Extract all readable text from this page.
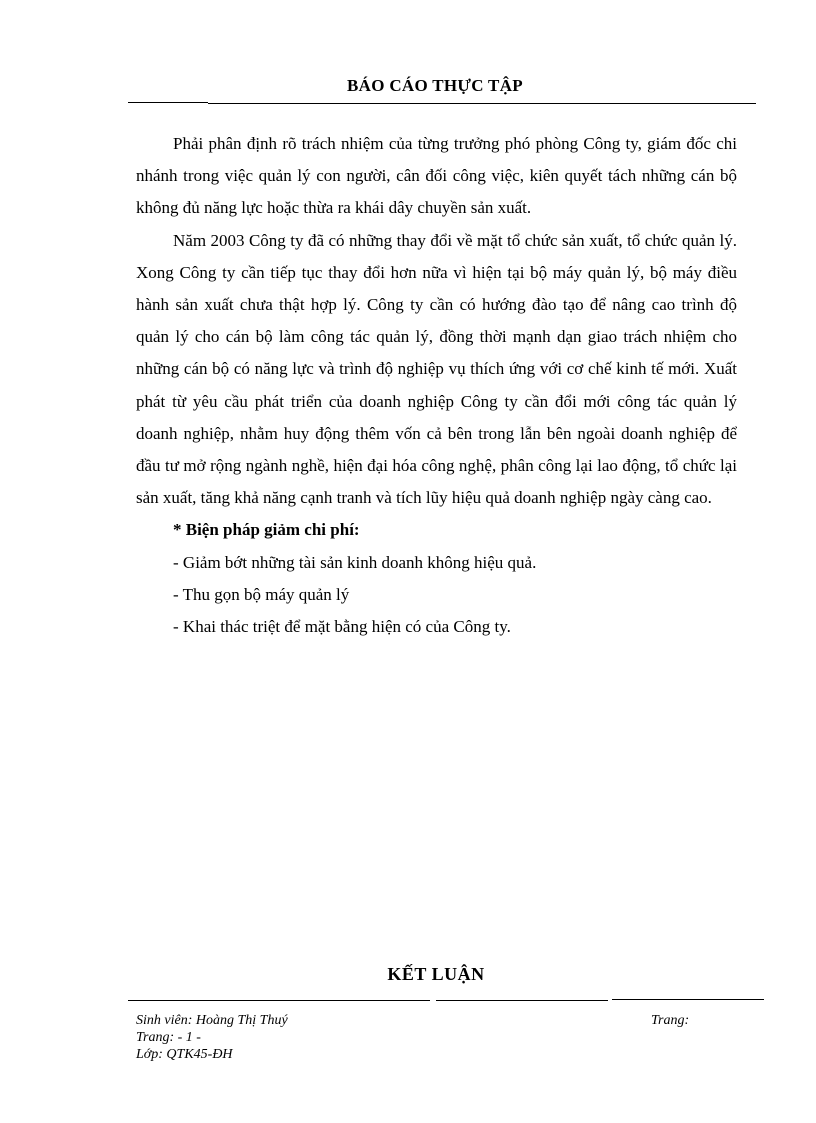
BÁO CÁO THỰC TẬP

Phải phân định rõ trách nhiệm của từng trưởng phó phòng Công ty, giám đốc chi nhánh trong việc quản lý con người, cân đối công việc, kiên quyết tách những cán bộ không đủ năng lực hoặc thừa ra khái dây chuyền sản xuất.

Năm 2003 Công ty đã có những thay đổi về mặt tổ chức sản xuất, tổ chức quản lý. Xong Công ty cần tiếp tục thay đổi hơn nữa vì hiện tại bộ máy quản lý, bộ máy điều hành sản xuất chưa thật hợp lý. Công ty cần có hướng đào tạo để nâng cao trình độ quản lý cho cán bộ làm công tác quản lý, đồng thời mạnh dạn giao trách nhiệm cho những cán bộ có năng lực và trình độ nghiệp vụ thích ứng với cơ chế kinh tế mới. Xuất phát từ yêu cầu phát triển của doanh nghiệp Công ty cần đổi mới công tác quản lý doanh nghiệp, nhằm huy động thêm vốn cả bên trong lẫn bên ngoài doanh nghiệp để đầu tư mở rộng ngành nghề, hiện đại hóa công nghệ, phân công lại lao động, tổ chức lại sản xuất, tăng khả năng cạnh tranh và tích lũy hiệu quả doanh nghiệp ngày càng cao.

* Biện pháp giảm chi phí:

- Giảm bớt những tài sản kinh doanh không hiệu quả.

- Thu gọn bộ máy quản lý

- Khai thác triệt để mặt bằng hiện có của Công ty.

KẾT LUẬN
Sinh viên: Hoàng Thị Thuý	Trang:
Trang: - 1 -
Lớp: QTK45-ĐH
